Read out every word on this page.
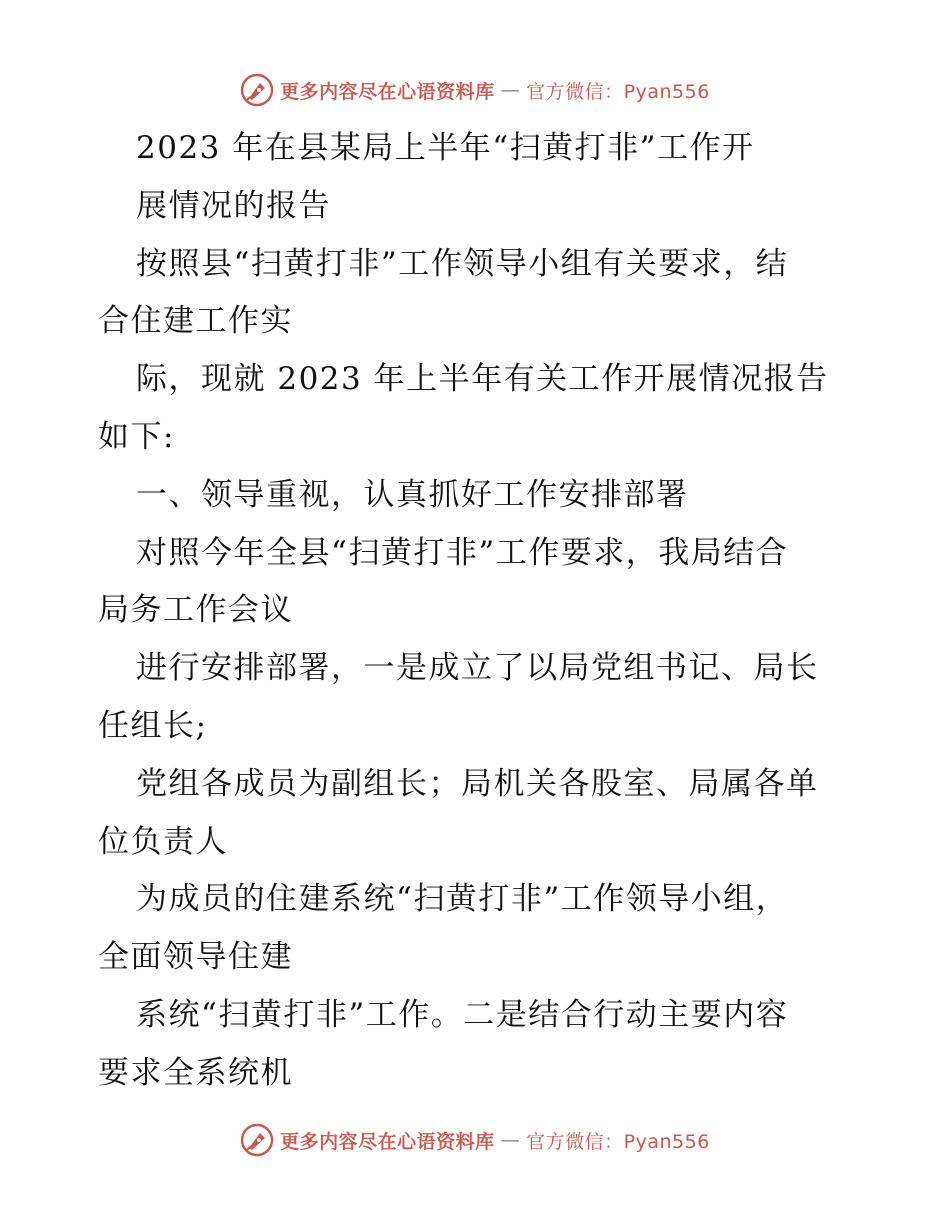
更多内容尽在心语资料库 — 官方微信：Pyan556
2023 年在县某局上半年“扫黄打非”工作开
展情况的报告
按照县“扫黄打非”工作领导小组有关要求，结
合住建工作实
际，现就 2023 年上半年有关工作开展情况报告
如下:
一、领导重视，认真抓好工作安排部署
对照今年全县“扫黄打非”工作要求，我局结合
局务工作会议
进行安排部署，一是成立了以局党组书记、局长
任组长;
党组各成员为副组长；局机关各股室、局属各单
位负责人
为成员的住建系统“扫黄打非”工作领导小组，
全面领导住建
系统“扫黄打非”工作。二是结合行动主要内容
要求全系统机
更多内容尽在心语资料库 — 官方微信：Pyan556
